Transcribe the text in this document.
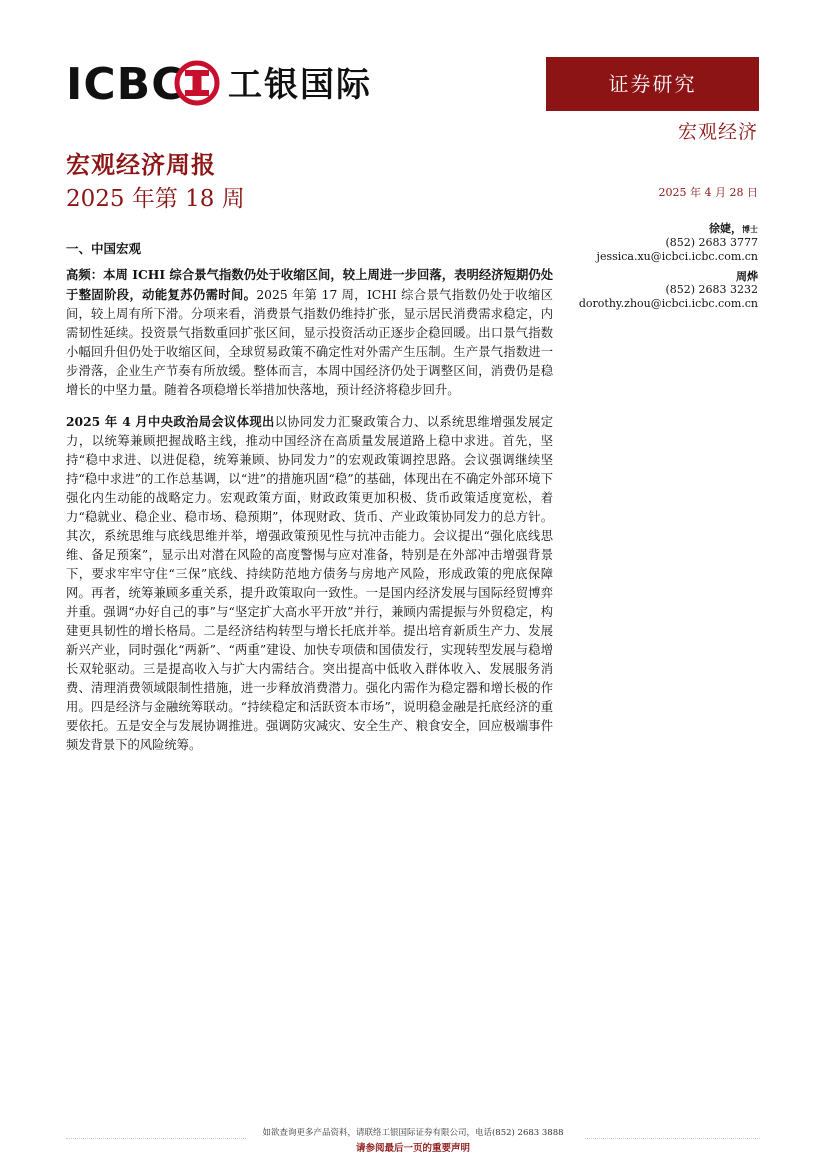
ICBC 工银国际	证券研究
宏观经济
宏观经济周报
2025 年第 18 周	2025 年 4 月 28 日
徐婕，博士
(852) 2683 3777
jessica.xu@icbci.icbc.com.cn
周烨
(852) 2683 3232
dorothy.zhou@icbci.icbc.com.cn
一、中国宏观

高频：本周 ICHI 综合景气指数仍处于收缩区间，较上周进一步回落，表明经济短期仍处于整固阶段，动能复苏仍需时间。2025 年第 17 周，ICHI 综合景气指数仍处于收缩区间，较上周有所下滑。分项来看，消费景气指数仍维持扩张，显示居民消费需求稳定，内需韧性延续。投资景气指数重回扩张区间，显示投资活动正逐步企稳回暖。出口景气指数小幅回升但仍处于收缩区间，全球贸易政策不确定性对外需产生压制。生产景气指数进一步滑落，企业生产节奏有所放缓。整体而言，本周中国经济仍处于调整区间，消费仍是稳增长的中坚力量。随着各项稳增长举措加快落地，预计经济将稳步回升。

2025 年 4 月中央政治局会议体现出以协同发力汇聚政策合力、以系统思维增强发展定力，以统筹兼顾把握战略主线，推动中国经济在高质量发展道路上稳中求进。首先，坚持“稳中求进、以进促稳，统筹兼顾、协同发力”的宏观政策调控思路。会议强调继续坚持“稳中求进”的工作总基调，以“进”的措施巩固“稳”的基础，体现出在不确定外部环境下强化内生动能的战略定力。宏观政策方面，财政政策更加积极、货币政策适度宽松，着力“稳就业、稳企业、稳市场、稳预期”，体现财政、货币、产业政策协同发力的总方针。其次，系统思维与底线思维并举，增强政策预见性与抗冲击能力。会议提出“强化底线思维、备足预案”，显示出对潜在风险的高度警惕与应对准备，特别是在外部冲击增强背景下，要求牢牢守住“三保”底线、持续防范地方债务与房地产风险，形成政策的兜底保障网。再者，统筹兼顾多重关系，提升政策取向一致性。一是国内经济发展与国际经贸博弈并重。强调“办好自己的事”与“坚定扩大高水平开放”并行，兼顾内需提振与外贸稳定，构建更具韧性的增长格局。二是经济结构转型与增长托底并举。提出培育新质生产力、发展新兴产业，同时强化“两新”、“两重”建设、加快专项债和国债发行，实现转型发展与稳增长双轮驱动。三是提高收入与扩大内需结合。突出提高中低收入群体收入、发展服务消费、清理消费领域限制性措施，进一步释放消费潜力。强化内需作为稳定器和增长极的作用。四是经济与金融统筹联动。“持续稳定和活跃资本市场”，说明稳金融是托底经济的重要依托。五是安全与发展协调推进。强调防灾减灾、安全生产、粮食安全，回应极端事件频发背景下的风险统筹。

如欲查询更多产品资料，请联络工银国际证券有限公司，电话(852) 2683 3888
请参阅最后一页的重要声明
